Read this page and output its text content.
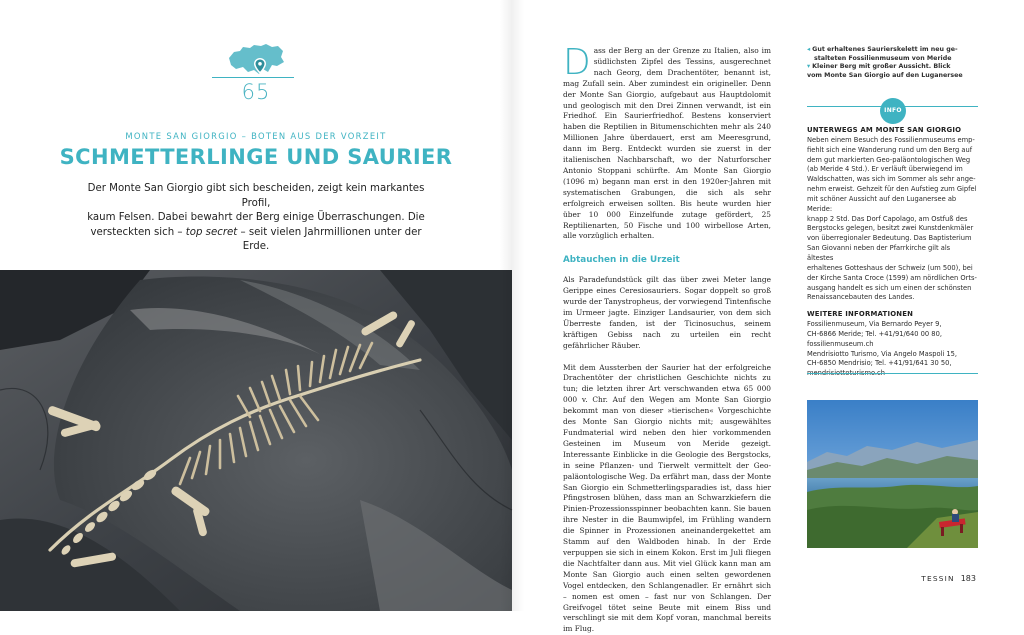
65
MONTE SAN GIORGIO – BOTEN AUS DER VORZEIT
SCHMETTERLINGE UND SAURIER
Der Monte San Giorgio gibt sich bescheiden, zeigt kein markantes Profil,
kaum Felsen. Dabei bewahrt der Berg einige Überraschungen. Die
versteckten sich – top secret – seit vielen Jahrmillionen unter der Erde.

Dass der Berg an der Grenze zu Italien, also im südlichsten Zipfel des Tessins, ausgerechnet nach Georg, dem Drachentöter, benannt ist, mag Zufall sein. Aber zumindest ein origineller. Denn der Monte San Giorgio, aufgebaut aus Hauptdolomit und geologisch mit den Drei Zinnen verwandt, ist ein Friedhof. Ein Saurierfriedhof. Bestens konserviert haben die Reptilien in Bitumenschichten mehr als 240 Millionen Jahre überdauert, erst am Meeresgrund, dann im Berg. Entdeckt wurden sie zuerst in der italienischen Nachbarschaft, wo der Naturforscher Antonio Stoppani schürfte. Am Monte San Giorgio (1096 m) begann man erst in den 1920er-Jahren mit systematischen Grabungen, die sich als sehr erfolgreich erweisen sollten. Bis heute wurden hier über 10 000 Einzelfunde zutage gefördert, 25 Reptilienarten, 50 Fische und 100 wirbellose Arten, alle vorzüglich erhalten.

Abtauchen in die Urzeit

Als Paradefundstück gilt das über zwei Meter lange Gerippe eines Ceresiosauriers. Sogar doppelt so groß wurde der Tanystropheus, der vorwiegend Tintenfische im Urmeer jagte. Einziger Landsaurier, von dem sich Überreste fanden, ist der Ticinosuchus, seinem kräftigen Gebiss nach zu urteilen ein recht gefährlicher Räuber.

Mit dem Aussterben der Saurier hat der erfolgreiche Drachentöter der christlichen Geschichte nichts zu tun; die letzten ihrer Art verschwanden etwa 65 000 000 v. Chr. Auf den Wegen am Monte San Giorgio bekommt man von dieser »tierischen« Vorgeschichte des Monte San Giorgio nichts mit; ausgewähltes Fundmaterial wird neben den hier vorkommenden Gesteinen im Museum von Meride gezeigt. Interessante Einblicke in die Geologie des Bergstocks, in seine Pflanzen- und Tierwelt vermittelt der Geo-paläontologische Weg. Da erfährt man, dass der Monte San Giorgio ein Schmetterlingsparadies ist, dass hier Pfingstrosen blühen, dass man an Schwarzkiefern die Pinien-Prozessionsspinner beobachten kann. Sie bauen ihre Nester in die Baumwipfel, im Frühling wandern die Spinner in Prozessionen aneinandergekettet am Stamm auf den Waldboden hinab. In der Erde verpuppen sie sich in einem Kokon. Erst im Juli fliegen die Nachtfalter dann aus. Mit viel Glück kann man am Monte San Giorgio auch einen selten gewordenen Vogel entdecken, den Schlangenadler. Er ernährt sich – nomen est omen – fast nur von Schlangen. Der Greifvogel tötet seine Beute mit einem Biss und verschlingt sie mit dem Kopf voran, manchmal bereits im Flug.

◂ Gut erhaltenes Saurierskelett im neu ge-
stalteten Fossilienmuseum von Meride
▾ Kleiner Berg mit großer Aussicht. Blick
vom Monte San Giorgio auf den Luganersee
INFO
UNTERWEGS AM MONTE SAN GIORGIO
Neben einem Besuch des Fossilienmuseums emp-
fiehlt sich eine Wanderung rund um den Berg auf
dem gut markierten Geo-paläontologischen Weg
(ab Meride 4 Std.). Er verläuft überwiegend im
Waldschatten, was sich im Sommer als sehr ange-
nehm erweist. Gehzeit für den Aufstieg zum Gipfel
mit schöner Aussicht auf den Luganersee ab Meride:
knapp 2 Std. Das Dorf Capolago, am Ostfuß des
Bergstocks gelegen, besitzt zwei Kunstdenkmäler
von überregionaler Bedeutung. Das Baptisterium
San Giovanni neben der Pfarrkirche gilt als ältestes
erhaltenes Gotteshaus der Schweiz (um 500), bei
der Kirche Santa Croce (1599) am nördlichen Orts-
ausgang handelt es sich um einen der schönsten
Renaissancebauten des Landes.
WEITERE INFORMATIONEN
Fossilienmuseum, Via Bernardo Peyer 9,
CH-6866 Meride; Tel. +41/91/640 00 80,
fossilienmuseum.ch
Mendrisiotto Turismo, Via Angelo Maspoli 15,
CH-6850 Mendrisio; Tel. +41/91/641 30 50,
mendrisiottoturismo.ch
TESSIN 183
